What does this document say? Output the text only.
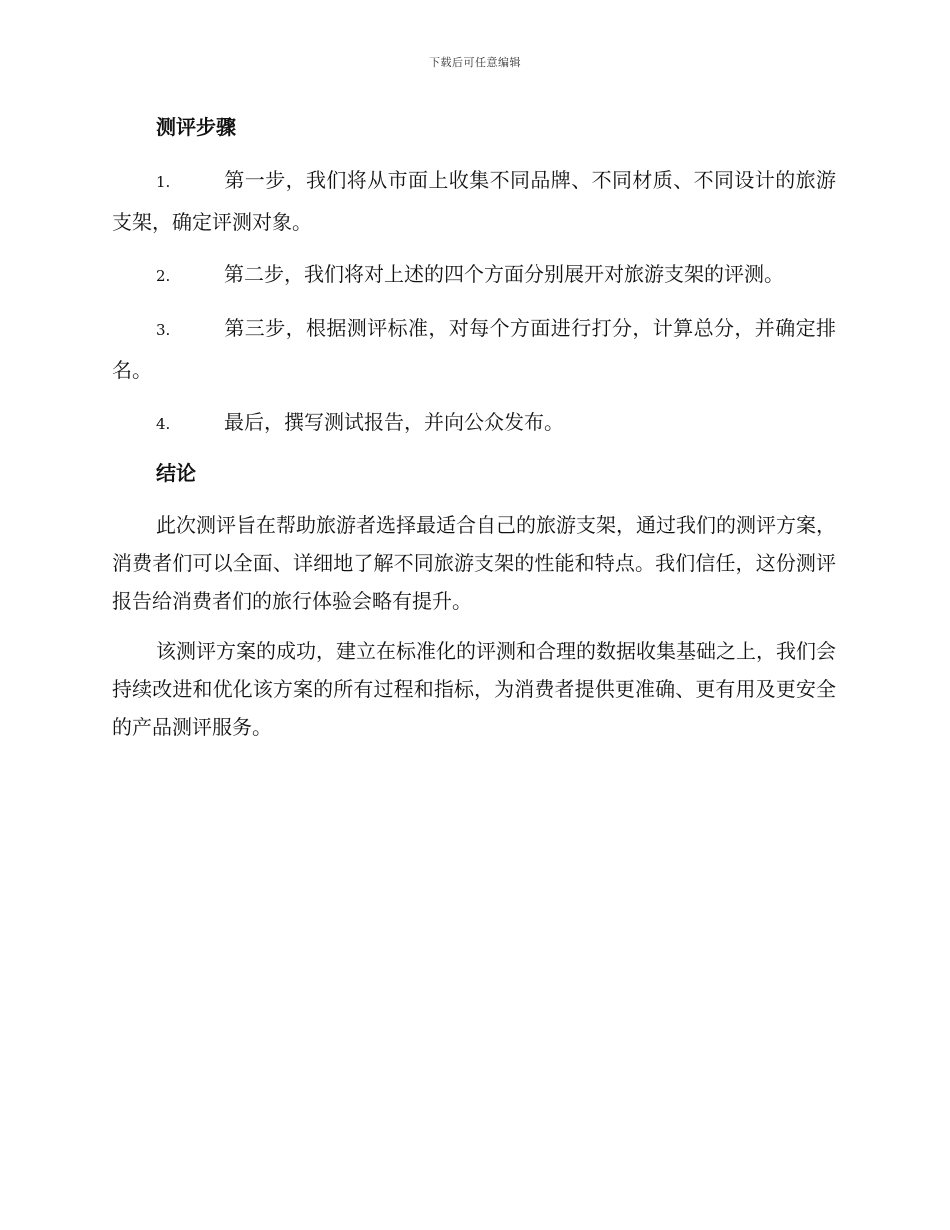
下载后可任意编辑
测评步骤
1.	第一步，我们将从市面上收集不同品牌、不同材质、不同设计的旅游支架，确定评测对象。
2.	第二步，我们将对上述的四个方面分别展开对旅游支架的评测。
3.	第三步，根据测评标准，对每个方面进行打分，计算总分，并确定排名。
4.	最后，撰写测试报告，并向公众发布。
结论

此次测评旨在帮助旅游者选择最适合自己的旅游支架，通过我们的测评方案，消费者们可以全面、详细地了解不同旅游支架的性能和特点。我们信任，这份测评报告给消费者们的旅行体验会略有提升。

该测评方案的成功，建立在标准化的评测和合理的数据收集基础之上，我们会持续改进和优化该方案的所有过程和指标，为消费者提供更准确、更有用及更安全的产品测评服务。
